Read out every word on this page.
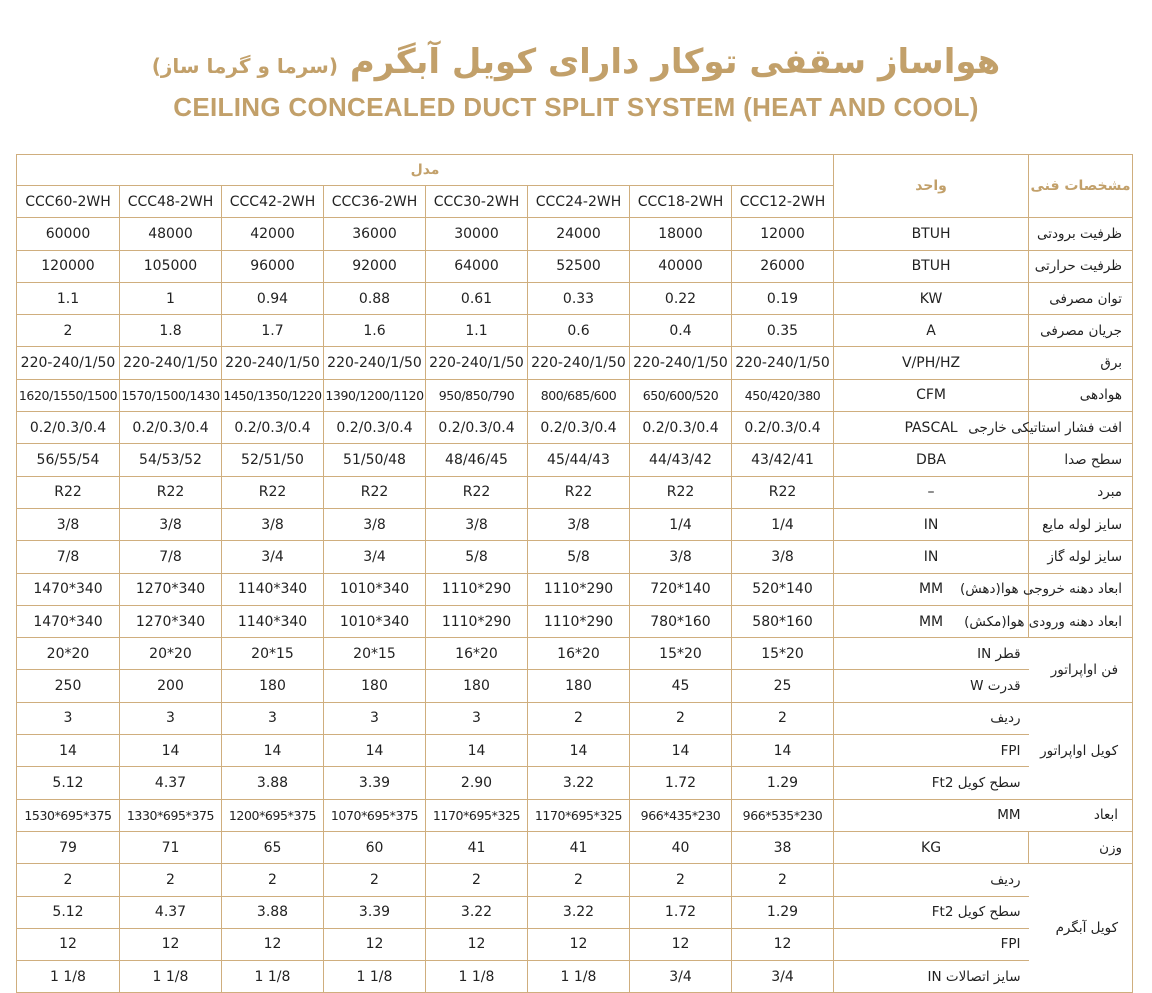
هواساز سقفی توکار دارای کویل آبگرم (سرما و گرما ساز)
CEILING CONCEALED DUCT SPLIT SYSTEM (HEAT AND COOL)
مدل								واحد	مشخصات فنی
CCC60-2WH	CCC48-2WH	CCC42-2WH	CCC36-2WH	CCC30-2WH	CCC24-2WH	CCC18-2WH	CCC12-2WH		
60000	48000	42000	36000	30000	24000	18000	12000	BTUH	ظرفیت برودتی
120000	105000	96000	92000	64000	52500	40000	26000	BTUH	ظرفیت حرارتی
1.1	1	0.94	0.88	0.61	0.33	0.22	0.19	KW	توان مصرفی
2	1.8	1.7	1.6	1.1	0.6	0.4	0.35	A	جریان مصرفی
220-240/1/50	220-240/1/50	220-240/1/50	220-240/1/50	220-240/1/50	220-240/1/50	220-240/1/50	220-240/1/50	V/PH/HZ	برق
1620/1550/1500	1570/1500/1430	1450/1350/1220	1390/1200/1120	950/850/790	800/685/600	650/600/520	450/420/380	CFM	هوادهی
0.2/0.3/0.4	0.2/0.3/0.4	0.2/0.3/0.4	0.2/0.3/0.4	0.2/0.3/0.4	0.2/0.3/0.4	0.2/0.3/0.4	0.2/0.3/0.4	PASCAL	افت فشار استاتیکی خارجی
56/55/54	54/53/52	52/51/50	51/50/48	48/46/45	45/44/43	44/43/42	43/42/41	DBA	سطح صدا
R22	R22	R22	R22	R22	R22	R22	R22	–	مبرد
3/8	3/8	3/8	3/8	3/8	3/8	1/4	1/4	IN	سایز لوله مایع
7/8	7/8	3/4	3/4	5/8	5/8	3/8	3/8	IN	سایز لوله گاز
1470*340	1270*340	1140*340	1010*340	1110*290	1110*290	720*140	520*140	MM	ابعاد دهنه خروجی هوا(دهش)
1470*340	1270*340	1140*340	1010*340	1110*290	1110*290	780*160	580*160	MM	ابعاد دهنه ورودی هوا(مکش)
20*20	20*20	20*15	20*15	16*20	16*20	15*20	15*20	قطر IN	فن اواپراتور
250	200	180	180	180	180	45	25	قدرت W	
3	3	3	3	3	2	2	2	ردیف	کویل اواپراتور
14	14	14	14	14	14	14	14	FPI	
5.12	4.37	3.88	3.39	2.90	3.22	1.72	1.29	سطح کویل Ft2	
1530*695*375	1330*695*375	1200*695*375	1070*695*375	1170*695*325	1170*695*325	966*435*230	966*535*230	MM	ابعاد
79	71	65	60	41	41	40	38	KG	وزن
2	2	2	2	2	2	2	2	ردیف	کویل آبگرم
5.12	4.37	3.88	3.39	3.22	3.22	1.72	1.29	سطح کویل Ft2	
12	12	12	12	12	12	12	12	FPI	
1 1/8	1 1/8	1 1/8	1 1/8	1 1/8	1 1/8	3/4	3/4	سایز اتصالات IN	
